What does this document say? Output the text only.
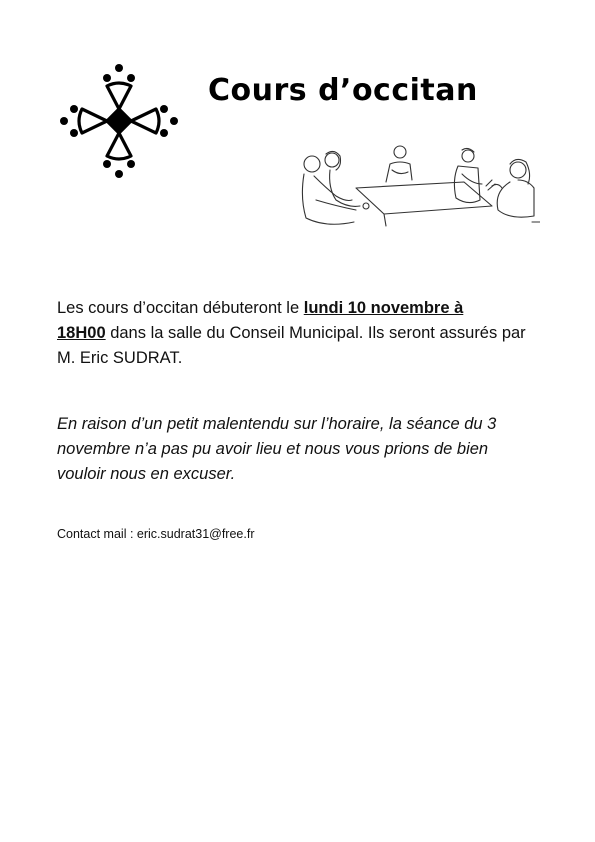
Cours d’occitan
Les cours d’occitan débuteront le lundi 10 novembre à
18H00 dans la salle du Conseil Municipal. Ils seront assurés par M. Eric SUDRAT.
En raison d’un petit malentendu sur l’horaire, la séance du 3 novembre n’a pas pu avoir lieu et nous vous prions de bien vouloir nous en excuser.
Contact mail : eric.sudrat31@free.fr
